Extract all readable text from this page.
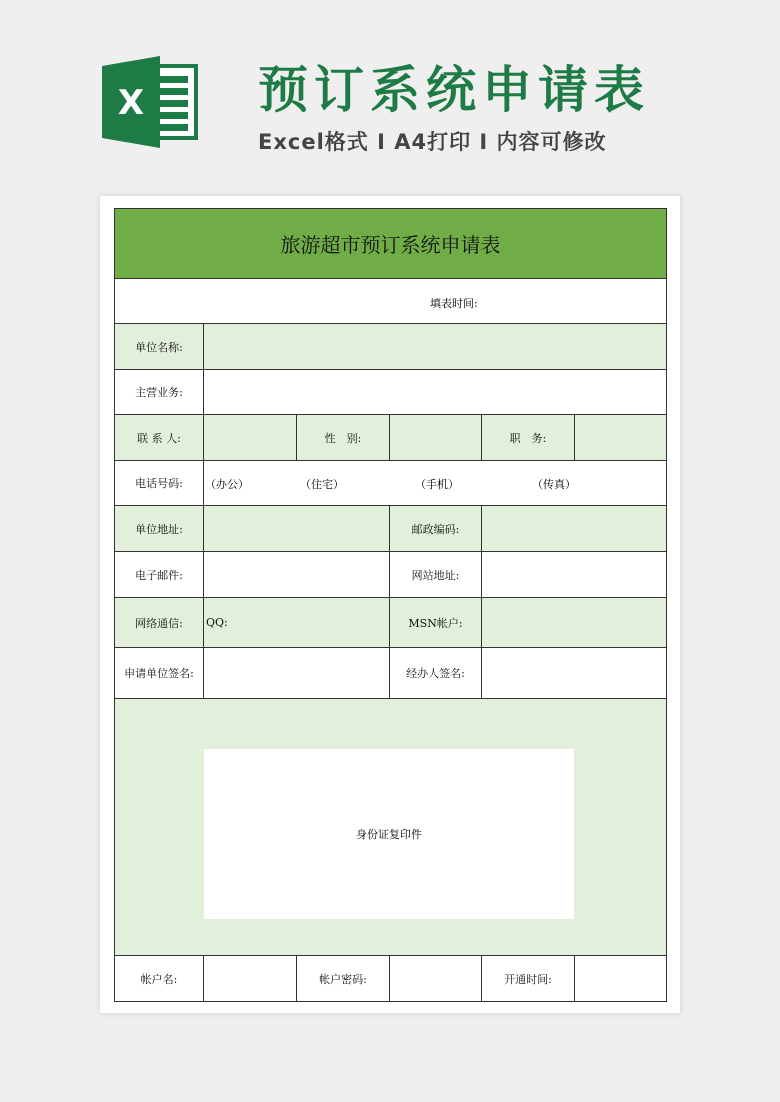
X 预订系统申请表
Excel格式 I A4打印 I 内容可修改
旅游超市预订系统申请表
填表时间:
单位名称:
主营业务:
联 系 人:	性　别:	职　务:
电话号码:	（办公）	（住宅）	（手机）	（传真）
单位地址:	邮政编码:
电子邮件:	网站地址:
网络通信:	QQ:	MSN帐户:
申请单位签名:	经办人签名:
身份证复印件
帐户名:	帐户密码:	开通时间:
